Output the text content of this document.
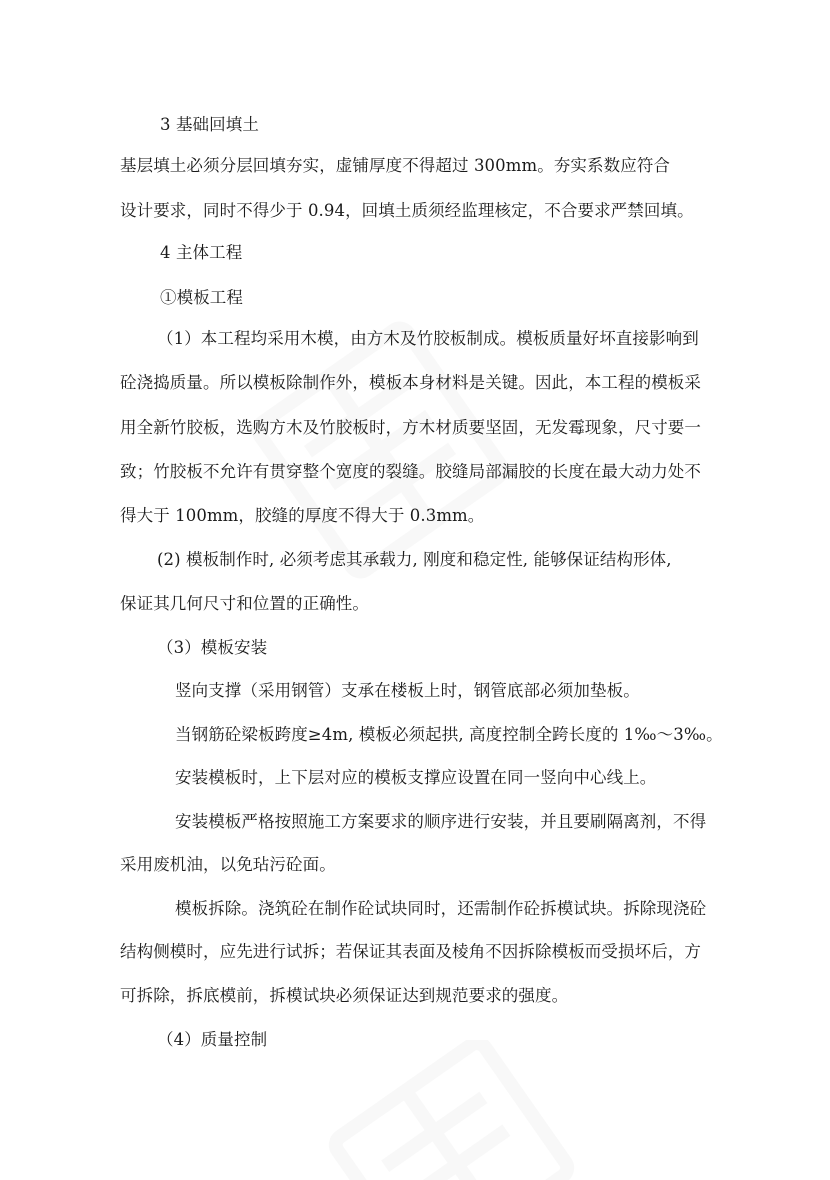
3 基础回填土
基层填土必须分层回填夯实，虚铺厚度不得超过 300mm。夯实系数应符合
设计要求，同时不得少于 0.94，回填土质须经监理核定，不合要求严禁回填。
4 主体工程
①模板工程
（1）本工程均采用木模，由方木及竹胶板制成。模板质量好坏直接影响到
砼浇捣质量。所以模板除制作外，模板本身材料是关键。因此，本工程的模板采
用全新竹胶板，选购方木及竹胶板时，方木材质要坚固，无发霉现象，尺寸要一
致；竹胶板不允许有贯穿整个宽度的裂缝。胶缝局部漏胶的长度在最大动力处不
得大于 100mm，胶缝的厚度不得大于 0.3mm。
(2) 模板制作时, 必须考虑其承载力, 刚度和稳定性, 能够保证结构形体,
保证其几何尺寸和位置的正确性。
（3）模板安装
竖向支撑（采用钢管）支承在楼板上时，钢管底部必须加垫板。
当钢筋砼梁板跨度≥4m, 模板必须起拱, 高度控制全跨长度的 1‰～3‰。
安装模板时，上下层对应的模板支撑应设置在同一竖向中心线上。
安装模板严格按照施工方案要求的顺序进行安装，并且要刷隔离剂，不得
采用废机油，以免玷污砼面。
模板拆除。浇筑砼在制作砼试块同时，还需制作砼拆模试块。拆除现浇砼
结构侧模时，应先进行试拆；若保证其表面及棱角不因拆除模板而受损坏后，方
可拆除，拆底模前，拆模试块必须保证达到规范要求的强度。
（4）质量控制
